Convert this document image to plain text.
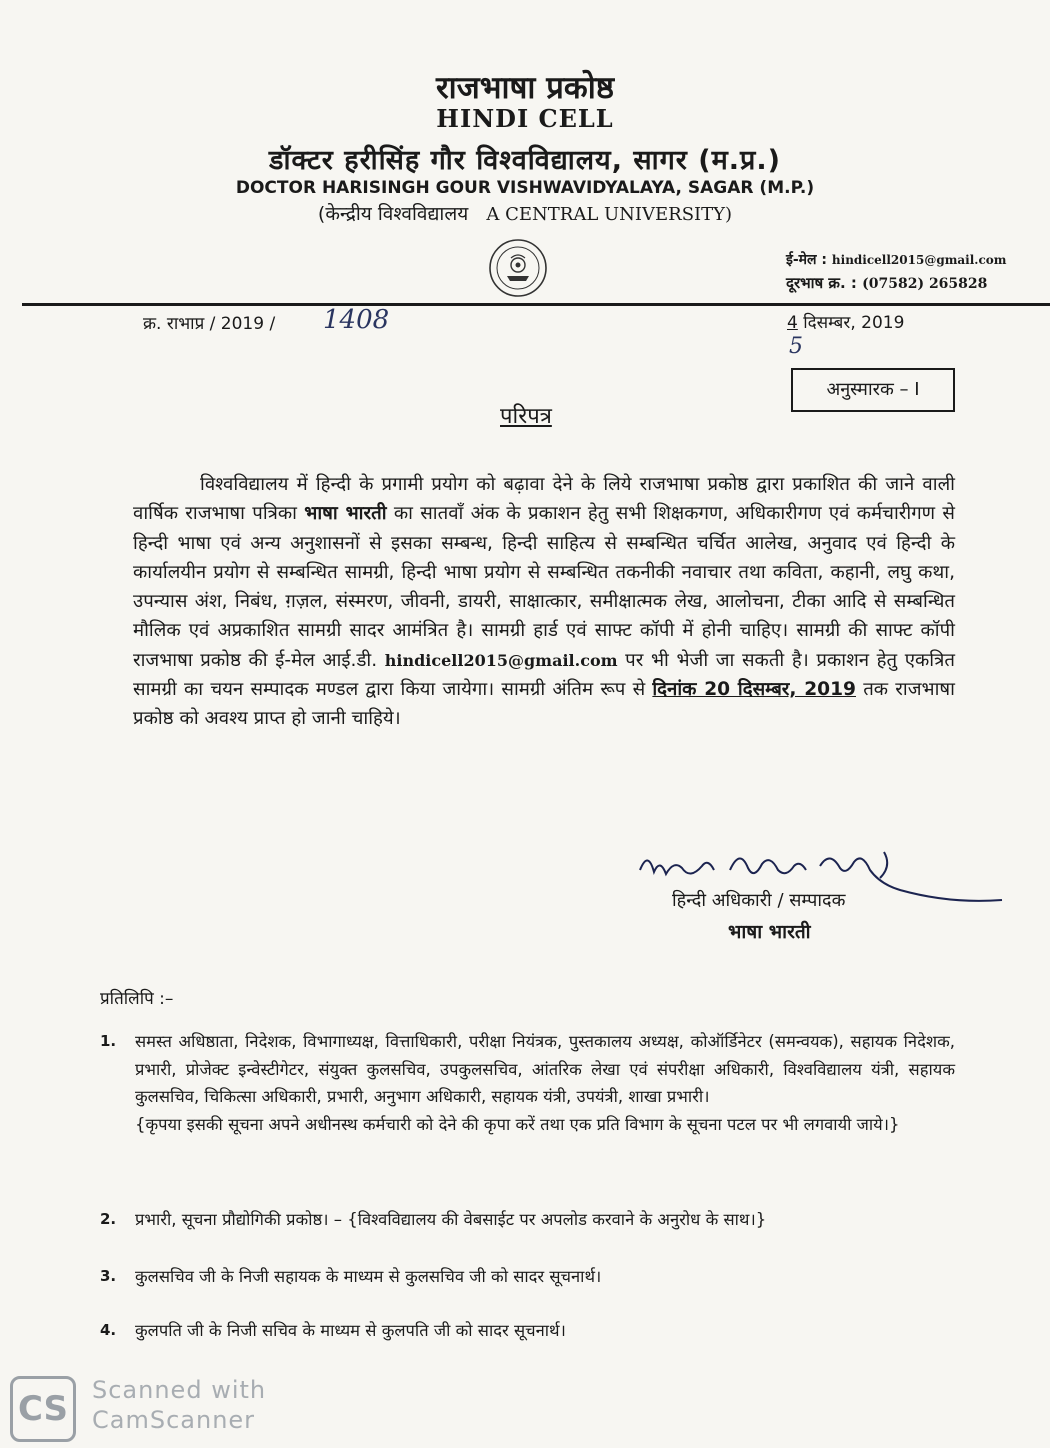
राजभाषा प्रकोष्ठ
HINDI CELL
डॉक्टर हरीसिंह गौर विश्वविद्यालय, सागर (म.प्र.)
DOCTOR HARISINGH GOUR VISHWAVIDYALAYA, SAGAR (M.P.)
(केन्द्रीय विश्वविद्यालय A CENTRAL UNIVERSITY)
ई-मेल : hindicell2015@gmail.com
दूरभाष क्र. : (07582) 265828
क्र. राभाप्र / 2019 / 1408	4 दिसम्बर, 2019
5
अनुस्मारक – I
परिपत्र
विश्वविद्यालय में हिन्दी के प्रगामी प्रयोग को बढ़ावा देने के लिये राजभाषा प्रकोष्ठ द्वारा प्रकाशित की जाने वाली वार्षिक राजभाषा पत्रिका भाषा भारती का सातवाँ अंक के प्रकाशन हेतु सभी शिक्षकगण, अधिकारीगण एवं कर्मचारीगण से हिन्दी भाषा एवं अन्य अनुशासनों से इसका सम्बन्ध, हिन्दी साहित्य से सम्बन्धित चर्चित आलेख, अनुवाद एवं हिन्दी के कार्यालयीन प्रयोग से सम्बन्धित सामग्री, हिन्दी भाषा प्रयोग से सम्बन्धित तकनीकी नवाचार तथा कविता, कहानी, लघु कथा, उपन्यास अंश, निबंध, ग़ज़ल, संस्मरण, जीवनी, डायरी, साक्षात्कार, समीक्षात्मक लेख, आलोचना, टीका आदि से सम्बन्धित मौलिक एवं अप्रकाशित सामग्री सादर आमंत्रित है। सामग्री हार्ड एवं साफ्ट कॉपी में होनी चाहिए। सामग्री की साफ्ट कॉपी राजभाषा प्रकोष्ठ की ई-मेल आई.डी. hindicell2015@gmail.com पर भी भेजी जा सकती है। प्रकाशन हेतु एकत्रित सामग्री का चयन सम्पादक मण्डल द्वारा किया जायेगा। सामग्री अंतिम रूप से दिनांक 20 दिसम्बर, 2019 तक राजभाषा प्रकोष्ठ को अवश्य प्राप्त हो जानी चाहिये।
हिन्दी अधिकारी / सम्पादक
भाषा भारती
प्रतिलिपि :–
1.	समस्त अधिष्ठाता, निदेशक, विभागाध्यक्ष, वित्ताधिकारी, परीक्षा नियंत्रक, पुस्तकालय अध्यक्ष, कोऑर्डिनेटर (समन्वयक), सहायक निदेशक, प्रभारी, प्रोजेक्ट इन्वेस्टीगेटर, संयुक्त कुलसचिव, उपकुलसचिव, आंतरिक लेखा एवं संपरीक्षा अधिकारी, विश्वविद्यालय यंत्री, सहायक कुलसचिव, चिकित्सा अधिकारी, प्रभारी, अनुभाग अधिकारी, सहायक यंत्री, उपयंत्री, शाखा प्रभारी।
{कृपया इसकी सूचना अपने अधीनस्थ कर्मचारी को देने की कृपा करें तथा एक प्रति विभाग के सूचना पटल पर भी लगवायी जाये।}
2.	प्रभारी, सूचना प्रौद्योगिकी प्रकोष्ठ। – {विश्वविद्यालय की वेबसाईट पर अपलोड करवाने के अनुरोध के साथ।}
3.	कुलसचिव जी के निजी सहायक के माध्यम से कुलसचिव जी को सादर सूचनार्थ।
4.	कुलपति जी के निजी सचिव के माध्यम से कुलपति जी को सादर सूचनार्थ।
CS Scanned with
CamScanner
